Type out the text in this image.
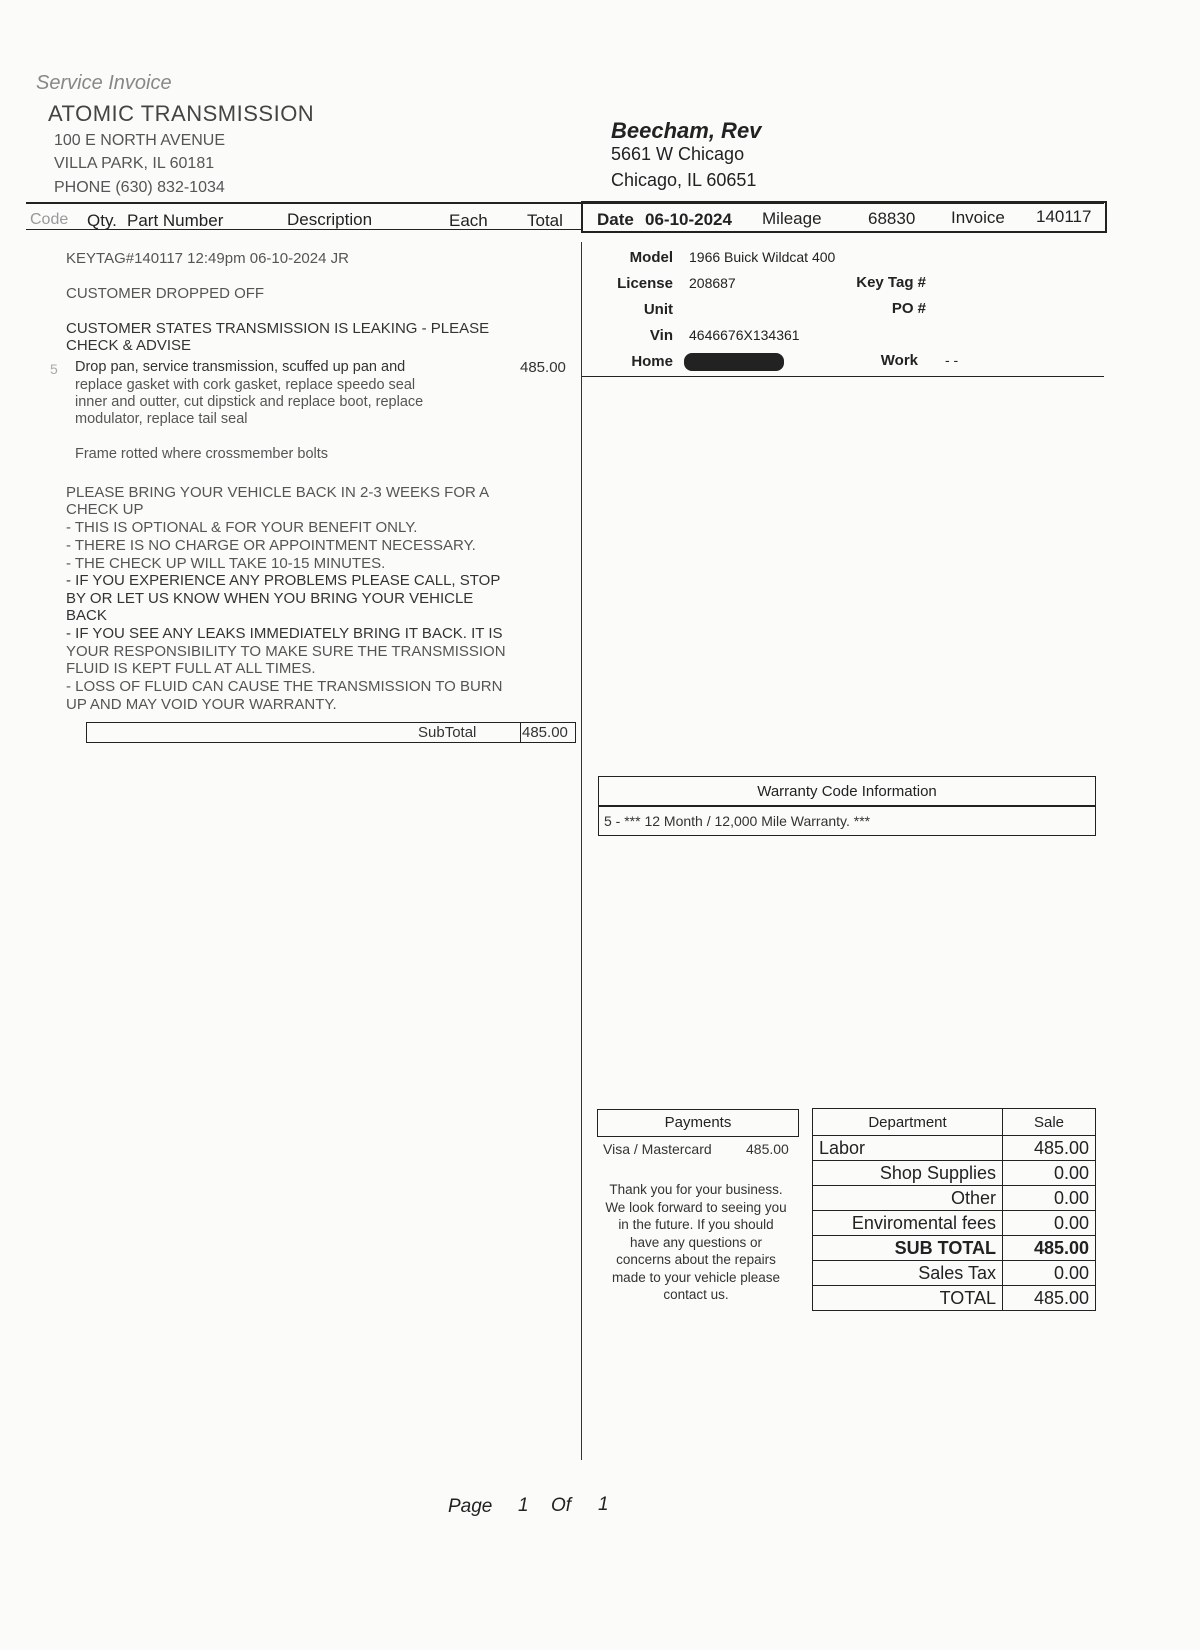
Service Invoice
ATOMIC TRANSMISSION
100 E NORTH AVENUE
VILLA PARK, IL 60181
PHONE (630) 832-1034
Beecham, Rev
5661 W Chicago
Chicago, IL 60651
Code Qty. Part Number	Description	Each Total Date 06-10-2024 Mileage	68830 Invoice 140117
Model 1966 Buick Wildcat 400
License 208687	Key Tag #
Unit	PO #
Vin 4646676X134361
Home	Work - -
KEYTAG#140117 12:49pm 06-10-2024 JR
CUSTOMER DROPPED OFF
CUSTOMER STATES TRANSMISSION IS LEAKING - PLEASE
CHECK & ADVISE
5 Drop pan, service transmission, scuffed up pan and
replace gasket with cork gasket, replace speedo seal
inner and outter, cut dipstick and replace boot, replace
modulator, replace tail seal
485.00
Frame rotted where crossmember bolts
PLEASE BRING YOUR VEHICLE BACK IN 2-3 WEEKS FOR A
CHECK UP
- THIS IS OPTIONAL & FOR YOUR BENEFIT ONLY.
- THERE IS NO CHARGE OR APPOINTMENT NECESSARY.
- THE CHECK UP WILL TAKE 10-15 MINUTES.
- IF YOU EXPERIENCE ANY PROBLEMS PLEASE CALL, STOP
BY OR LET US KNOW WHEN YOU BRING YOUR VEHICLE
BACK
- IF YOU SEE ANY LEAKS IMMEDIATELY BRING IT BACK. IT IS
YOUR RESPONSIBILITY TO MAKE SURE THE TRANSMISSION
FLUID IS KEPT FULL AT ALL TIMES.
- LOSS OF FLUID CAN CAUSE THE TRANSMISSION TO BURN
UP AND MAY VOID YOUR WARRANTY.
SubTotal	485.00
Warranty Code Information
5 - *** 12 Month / 12,000 Mile Warranty. ***
Payments
Visa / Mastercard 485.00
Thank you for your business.
We look forward to seeing you
in the future. If you should
have any questions or
concerns about the repairs
made to your vehicle please
contact us.
Department	Sale
Labor	485.00
Shop Supplies	0.00
Other	0.00
Enviromental fees	0.00
SUB TOTAL	485.00
Sales Tax	0.00
TOTAL	485.00
Page 1 Of 1
